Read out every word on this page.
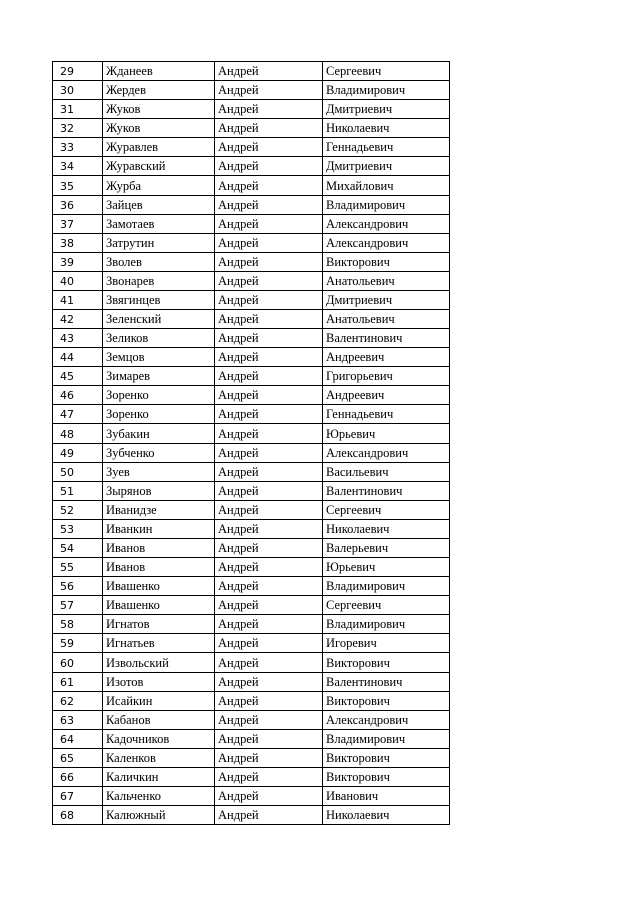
29	Жданеев	Андрей	Сергеевич
30	Жердев	Андрей	Владимирович
31	Жуков	Андрей	Дмитриевич
32	Жуков	Андрей	Николаевич
33	Журавлев	Андрей	Геннадьевич
34	Журавский	Андрей	Дмитриевич
35	Журба	Андрей	Михайлович
36	Зайцев	Андрей	Владимирович
37	Замотаев	Андрей	Александрович
38	Затрутин	Андрей	Александрович
39	Зволев	Андрей	Викторович
40	Звонарев	Андрей	Анатольевич
41	Звягинцев	Андрей	Дмитриевич
42	Зеленский	Андрей	Анатольевич
43	Зеликов	Андрей	Валентинович
44	Земцов	Андрей	Андреевич
45	Зимарев	Андрей	Григорьевич
46	Зоренко	Андрей	Андреевич
47	Зоренко	Андрей	Геннадьевич
48	Зубакин	Андрей	Юрьевич
49	Зубченко	Андрей	Александрович
50	Зуев	Андрей	Васильевич
51	Зырянов	Андрей	Валентинович
52	Иванидзе	Андрей	Сергеевич
53	Иванкин	Андрей	Николаевич
54	Иванов	Андрей	Валерьевич
55	Иванов	Андрей	Юрьевич
56	Ивашенко	Андрей	Владимирович
57	Ивашенко	Андрей	Сергеевич
58	Игнатов	Андрей	Владимирович
59	Игнатьев	Андрей	Игоревич
60	Извольский	Андрей	Викторович
61	Изотов	Андрей	Валентинович
62	Исайкин	Андрей	Викторович
63	Кабанов	Андрей	Александрович
64	Кадочников	Андрей	Владимирович
65	Каленков	Андрей	Викторович
66	Каличкин	Андрей	Викторович
67	Кальченко	Андрей	Иванович
68	Калюжный	Андрей	Николаевич
